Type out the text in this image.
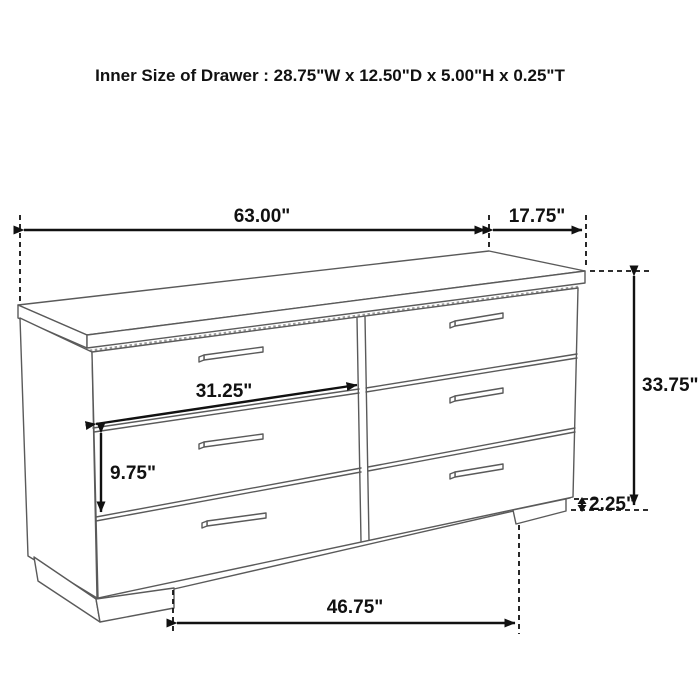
63.00"	17.75"
33.75"
31.25"
9.75"
2.25"
46.75"
Inner Size of Drawer : 28.75"W x 12.50"D x 5.00"H x 0.25"T
